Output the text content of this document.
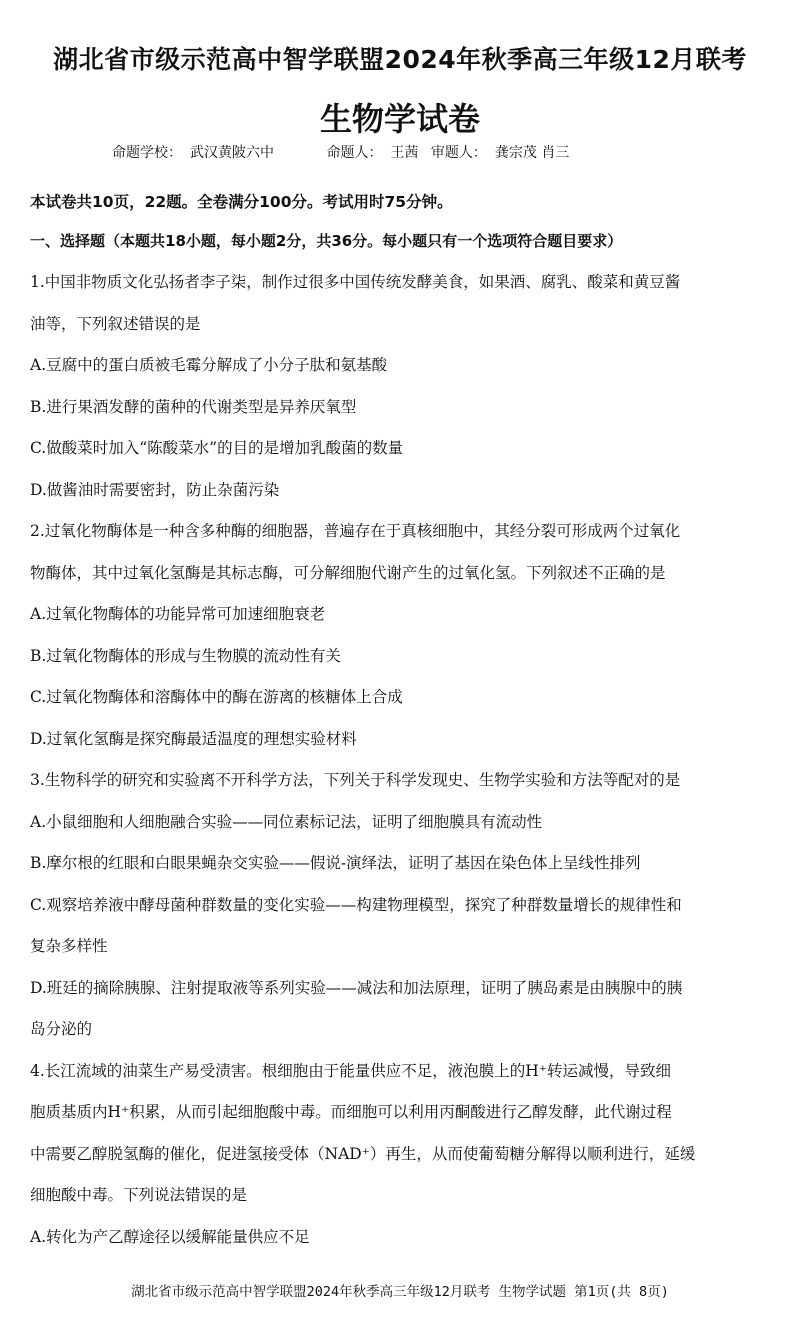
湖北省市级示范高中智学联盟2024年秋季高三年级12月联考
生物学试卷
命题学校： 武汉黄陂六中	命题人： 王茜 审题人： 龚宗茂 肖三
本试卷共10页，22题。全卷满分100分。考试用时75分钟。
一、选择题（本题共18小题，每小题2分，共36分。每小题只有一个选项符合题目要求）
1.中国非物质文化弘扬者李子柒，制作过很多中国传统发酵美食，如果酒、腐乳、酸菜和黄豆酱
油等，下列叙述错误的是
A.豆腐中的蛋白质被毛霉分解成了小分子肽和氨基酸
B.进行果酒发酵的菌种的代谢类型是异养厌氧型
C.做酸菜时加入“陈酸菜水”的目的是增加乳酸菌的数量
D.做酱油时需要密封，防止杂菌污染
2.过氧化物酶体是一种含多种酶的细胞器，普遍存在于真核细胞中，其经分裂可形成两个过氧化
物酶体，其中过氧化氢酶是其标志酶，可分解细胞代谢产生的过氧化氢。下列叙述不正确的是
A.过氧化物酶体的功能异常可加速细胞衰老
B.过氧化物酶体的形成与生物膜的流动性有关
C.过氧化物酶体和溶酶体中的酶在游离的核糖体上合成
D.过氧化氢酶是探究酶最适温度的理想实验材料
3.生物科学的研究和实验离不开科学方法，下列关于科学发现史、生物学实验和方法等配对的是
A.小鼠细胞和人细胞融合实验——同位素标记法，证明了细胞膜具有流动性
B.摩尔根的红眼和白眼果蝇杂交实验——假说-演绎法，证明了基因在染色体上呈线性排列
C.观察培养液中酵母菌种群数量的变化实验——构建物理模型，探究了种群数量增长的规律性和
复杂多样性
D.班廷的摘除胰腺、注射提取液等系列实验——减法和加法原理，证明了胰岛素是由胰腺中的胰
岛分泌的
4.长江流域的油菜生产易受渍害。根细胞由于能量供应不足，液泡膜上的H⁺转运减慢，导致细
胞质基质内H⁺积累，从而引起细胞酸中毒。而细胞可以利用丙酮酸进行乙醇发酵，此代谢过程
中需要乙醇脱氢酶的催化，促进氢接受体（NAD⁺）再生，从而使葡萄糖分解得以顺利进行，延缓
细胞酸中毒。下列说法错误的是
A.转化为产乙醇途径以缓解能量供应不足
湖北省市级示范高中智学联盟2024年秋季高三年级12月联考 生物学试题 第1页(共 8页)
